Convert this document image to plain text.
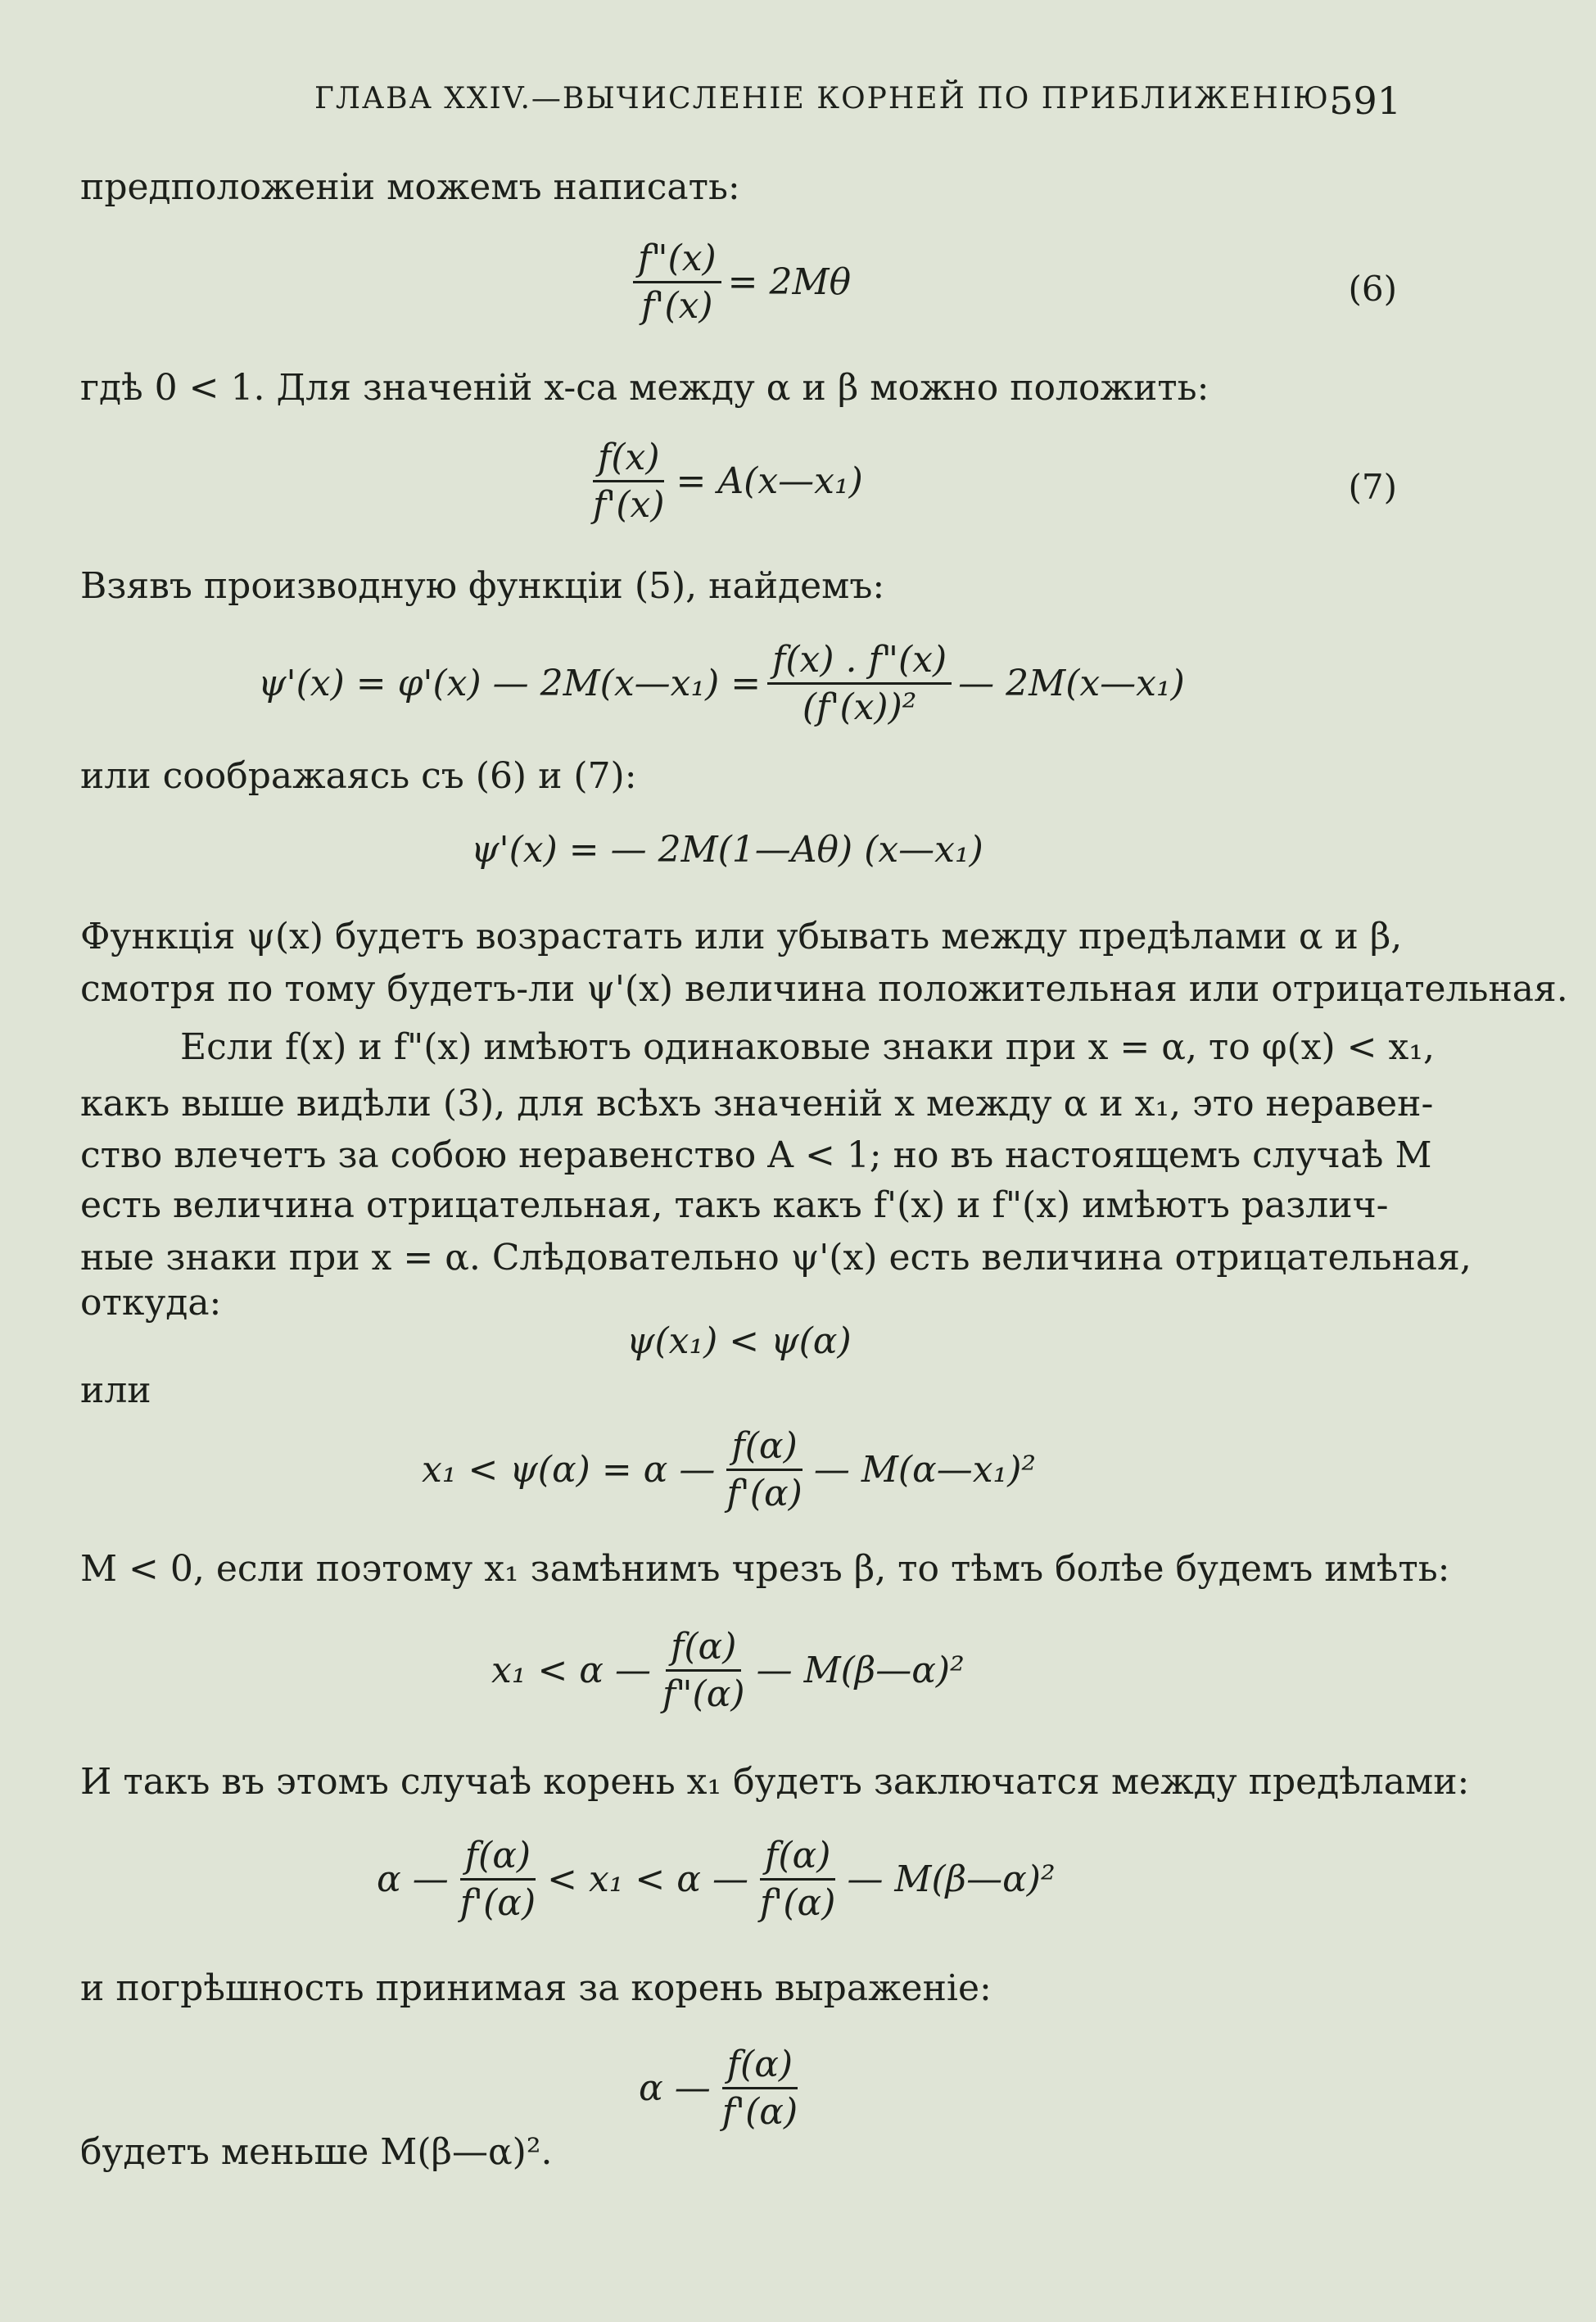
ГЛАВА XXIV.—ВЫЧИСЛЕНІЕ КОРНЕЙ ПО ПРИБЛИЖЕНІЮ.
591
предположеніи можемъ написать:
$\frac{f"(x)}{f'(x)} = 2M\theta$	(6)
гдѣ 0 < 1. Для значеній x-са между α и β можно положить:
$\frac{f(x)}{f'(x)}$ = A(x—x₁)	(7)
Взявъ производную функціи (5), найдемъ:
ψ'(x) = φ'(x) — 2M(x—x₁) = $\frac{f(x) . f"(x)}{\text{(f'(x))²}}$ — 2M(x—x₁)
или соображаясь съ (6) и (7):
ψ'(x) = — 2M(1—Aθ) (x—x₁)
Функція ψ(x) будетъ возрастать или убывать между предѣлами α и β,
смотря по тому будетъ-ли ψ'(x) величина положительная или отрицательная.
Если f(x) и f"(x) имѣютъ одинаковые знаки при x = α, то φ(x) < x₁,
какъ выше видѣли (3), для всѣхъ значеній x между α и x₁, это неравен-
ство влечетъ за собою неравенство A < 1; но въ настоящемъ случаѣ M
есть величина отрицательная, такъ какъ f'(x) и f"(x) имѣютъ различ-
ные знаки при x = α. Слѣдовательно ψ'(x) есть величина отрицательная,
откуда:
ψ(x₁) < ψ(α)
или
x₁ < ψ(α) = α — $\frac{f(\alpha)}{f'(\alpha)}$ — M(α—x₁)²
M < 0, если поэтому x₁ замѣнимъ чрезъ β, то тѣмъ болѣе будемъ имѣть:
x₁ < α — $\frac{f(\alpha)}{f"(\alpha)}$ — M(β—α)²
И такъ въ этомъ случаѣ корень x₁ будетъ заключатся между предѣлами:
α — $\frac{f(\alpha)}{f'(\alpha)} < x_1 < \alpha$ — $\frac{f(\alpha)}{f'(\alpha)}$ — M(β—α)²
и погрѣшность принимая за корень выраженіе:
α — $\frac{f(\alpha)}{f'(\alpha)}$
будетъ меньше M(β—α)².
